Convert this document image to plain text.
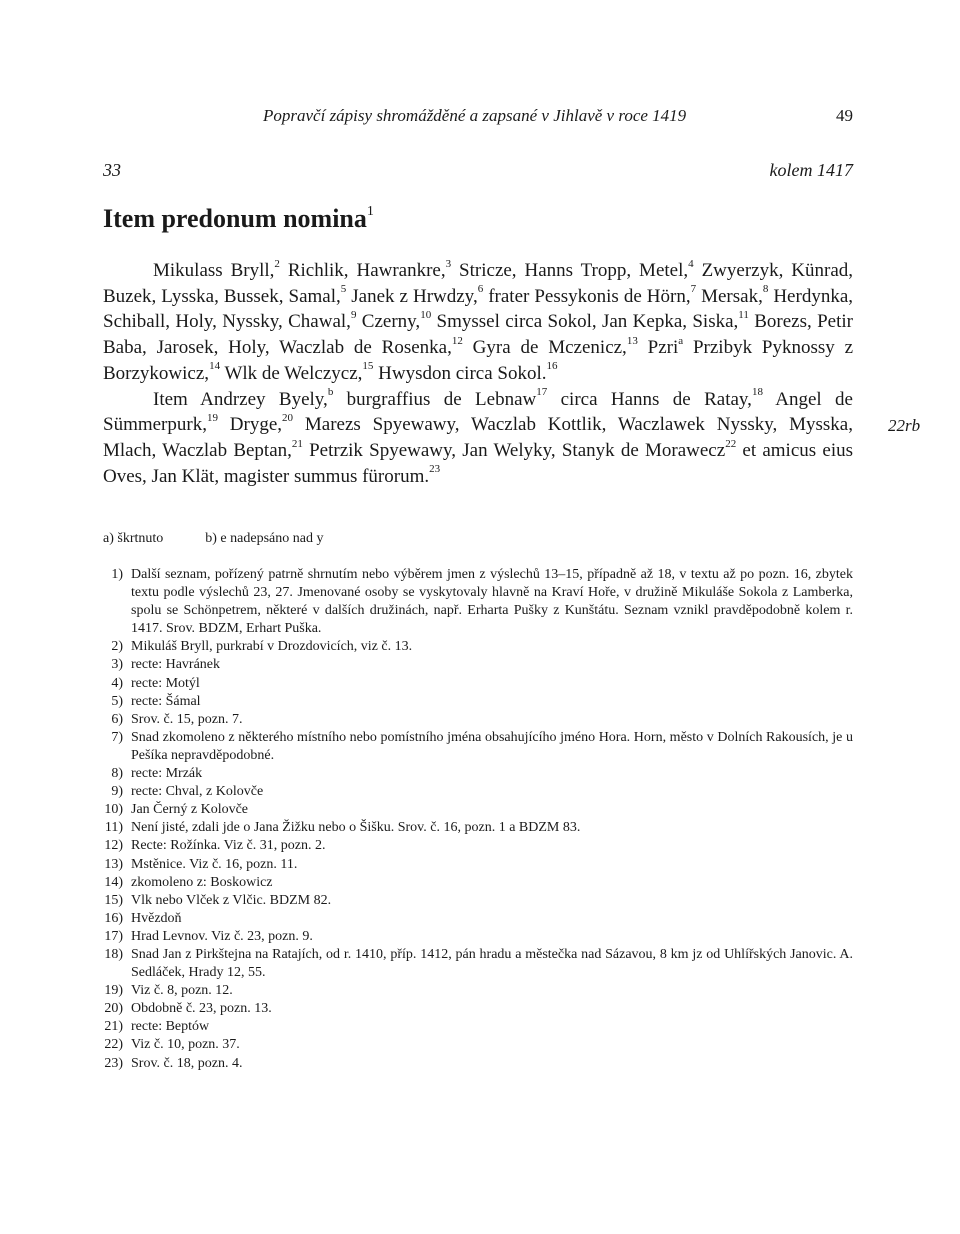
Popravčí zápisy shromážděné a zapsané v Jihlavě v roce 1419	49
33	kolem 1417
Item predonum nomina$^1$

Mikulass Bryll,$^2$ Richlik, Hawrankre,$^3$ Stricze, Hanns Tropp, Metel,$^4$ Zwyerzyk, Künrad, Buzek, Lysska, Bussek, Samal,$^5$ Janek z Hrwdzy,$^6$ frater Pessykonis de Hörn,$^7$ Mersak,$^8$ Herdynka, Schiball, Holy, Nyssky, Chawal,$^9$ Czerny,$^{10}$ Smyssel circa Sokol, Jan Kepka, Siska,$^{11}$ Borezs, Petir Baba, Jarosek, Holy, Waczlab de Rosenka,$^{12}$ Gyra de Mczenicz,$^{13}$ Pzri$^a$ Przibyk Pyknossy z Borzykowicz,$^{14}$ Wlk de Welczycz,$^{15}$ Hwysdon circa Sokol.$^{16}$

Item Andrzey Byely,$^b$ burgraffius de Lebnaw$^{17}$ circa Hanns de Ratay,$^{18}$ Angel de Sümmerpurk,$^{19}$ Dryge,$^{20}$ Marezs Spyewawy, Waczlab Kottlik, Waczlawek Nyssky, Mysska, Mlach, Waczlab Beptan,$^{21}$ Petrzik Spyewawy, Jan Welyky, Stanyk de Morawecz$^{22}$ et amicus eius Oves, Jan Klät, magister summus fürorum.$^{23}$

22rb
a) škrtnuto	b) e nadepsáno nad y
1) Další seznam, pořízený patrně shrnutím nebo výběrem jmen z výslechů 13–15, případně až 18, v textu až po pozn. 16, zbytek textu podle výslechů 23, 27. Jmenované osoby se vyskytovaly hlavně na Kraví Hoře, v družině Mikuláše Sokola z Lamberka, spolu se Schönpetrem, některé v dalších družinách, např. Erharta Pušky z Kunštátu. Seznam vznikl pravděpodobně kolem r. 1417. Srov. BDZM, Erhart Puška.
2) Mikuláš Bryll, purkrabí v Drozdovicích, viz č. 13.
3) recte: Havránek
4) recte: Motýl
5) recte: Šámal
6) Srov. č. 15, pozn. 7.
7) Snad zkomoleno z některého místního nebo pomístního jména obsahujícího jméno Hora. Horn, město v Dolních Rakousích, je u Pešíka nepravděpodobné.
8) recte: Mrzák
9) recte: Chval, z Kolovče
10) Jan Černý z Kolovče
11) Není jisté, zdali jde o Jana Žižku nebo o Šišku. Srov. č. 16, pozn. 1 a BDZM 83.
12) Recte: Rožínka. Viz č. 31, pozn. 2.
13) Mstěnice. Viz č. 16, pozn. 11.
14) zkomoleno z: Boskowicz
15) Vlk nebo Vlček z Vlčic. BDZM 82.
16) Hvězdoň
17) Hrad Levnov. Viz č. 23, pozn. 9.
18) Snad Jan z Pirkštejna na Ratajích, od r. 1410, příp. 1412, pán hradu a městečka nad Sázavou, 8 km jz od Uhlířských Janovic. A. Sedláček, Hrady 12, 55.
19) Viz č. 8, pozn. 12.
20) Obdobně č. 23, pozn. 13.
21) recte: Beptów
22) Viz č. 10, pozn. 37.
23) Srov. č. 18, pozn. 4.
